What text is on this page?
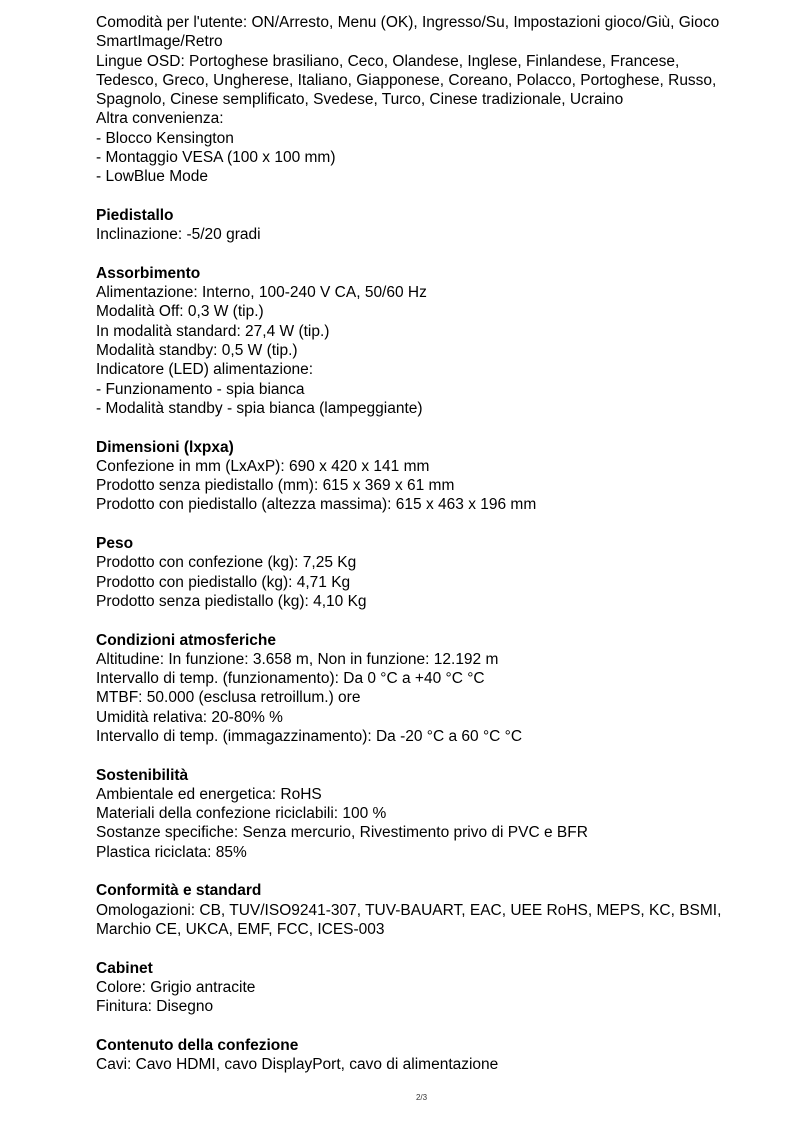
Comodità per l'utente: ON/Arresto, Menu (OK), Ingresso/Su, Impostazioni gioco/Giù, Gioco
SmartImage/Retro
Lingue OSD: Portoghese brasiliano, Ceco, Olandese, Inglese, Finlandese, Francese,
Tedesco, Greco, Ungherese, Italiano, Giapponese, Coreano, Polacco, Portoghese, Russo,
Spagnolo, Cinese semplificato, Svedese, Turco, Cinese tradizionale, Ucraino
Altra convenienza:
- Blocco Kensington
- Montaggio VESA (100 x 100 mm)
- LowBlue Mode
Piedistallo
Inclinazione: -5/20 gradi
Assorbimento
Alimentazione: Interno, 100-240 V CA, 50/60 Hz
Modalità Off: 0,3 W (tip.)
In modalità standard: 27,4 W (tip.)
Modalità standby: 0,5 W (tip.)
Indicatore (LED) alimentazione:
- Funzionamento - spia bianca
- Modalità standby - spia bianca (lampeggiante)
Dimensioni (lxpxa)
Confezione in mm (LxAxP): 690 x 420 x 141 mm
Prodotto senza piedistallo (mm): 615 x 369 x 61 mm
Prodotto con piedistallo (altezza massima): 615 x 463 x 196 mm
Peso
Prodotto con confezione (kg): 7,25 Kg
Prodotto con piedistallo (kg): 4,71 Kg
Prodotto senza piedistallo (kg): 4,10 Kg
Condizioni atmosferiche
Altitudine: In funzione: 3.658 m, Non in funzione: 12.192 m
Intervallo di temp. (funzionamento): Da 0 °C a +40 °C °C
MTBF: 50.000 (esclusa retroillum.) ore
Umidità relativa: 20-80% %
Intervallo di temp. (immagazzinamento): Da -20 °C a 60 °C °C
Sostenibilità
Ambientale ed energetica: RoHS
Materiali della confezione riciclabili: 100 %
Sostanze specifiche: Senza mercurio, Rivestimento privo di PVC e BFR
Plastica riciclata: 85%
Conformità e standard
Omologazioni: CB, TUV/ISO9241-307, TUV-BAUART, EAC, UEE RoHS, MEPS, KC, BSMI,
Marchio CE, UKCA, EMF, FCC, ICES-003
Cabinet
Colore: Grigio antracite
Finitura: Disegno
Contenuto della confezione
Cavi: Cavo HDMI, cavo DisplayPort, cavo di alimentazione
2/3
